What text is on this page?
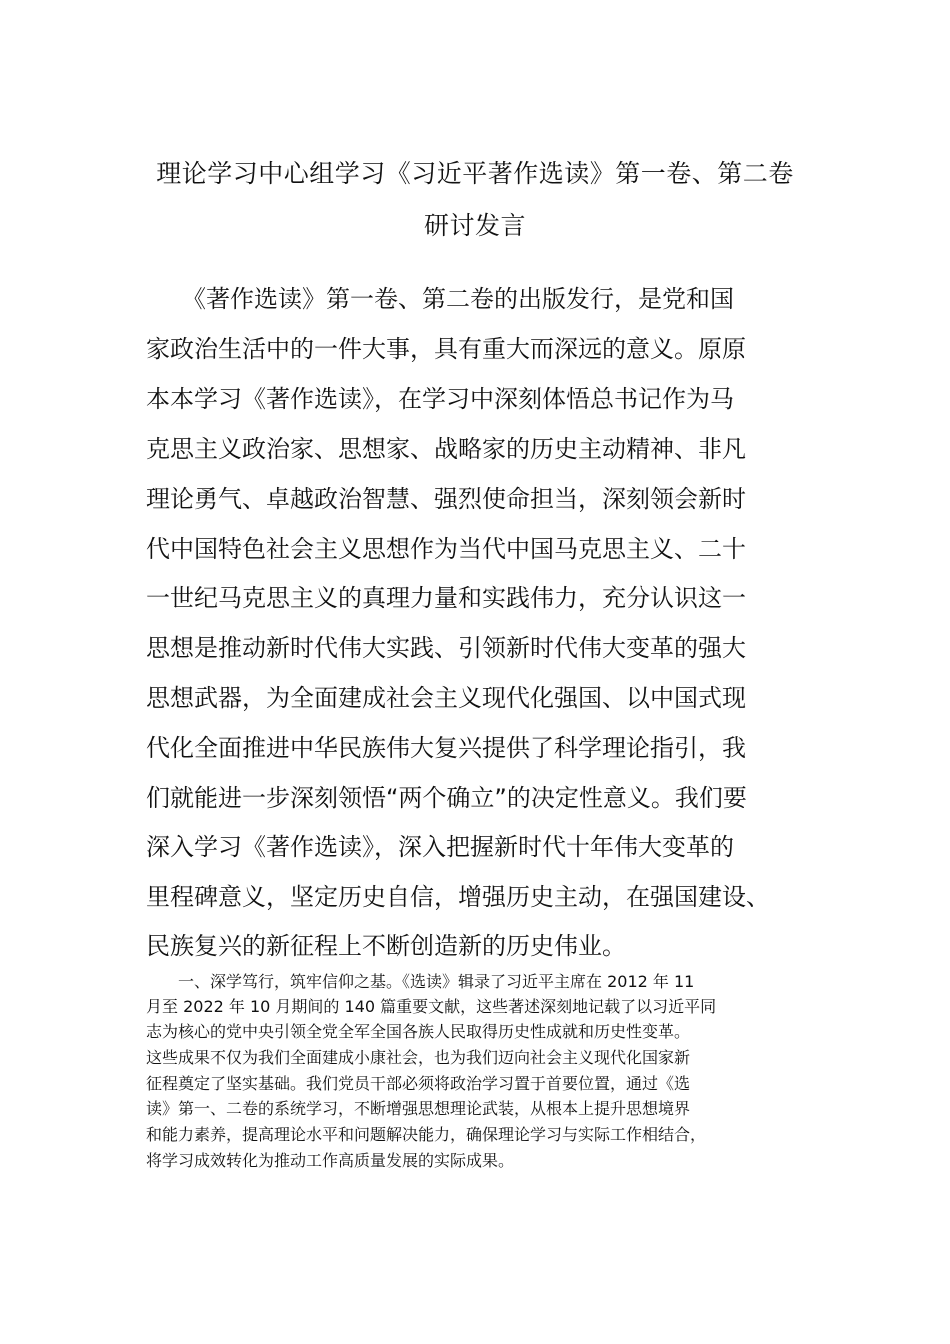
理论学习中心组学习《习近平著作选读》第一卷、第二卷
研讨发言
　　《著作选读》第一卷、第二卷的出版发行，是党和国
家政治生活中的一件大事，具有重大而深远的意义。原原
本本学习《著作选读》，在学习中深刻体悟总书记作为马
克思主义政治家、思想家、战略家的历史主动精神、非凡
理论勇气、卓越政治智慧、强烈使命担当，深刻领会新时
代中国特色社会主义思想作为当代中国马克思主义、二十
一世纪马克思主义的真理力量和实践伟力，充分认识这一
思想是推动新时代伟大实践、引领新时代伟大变革的强大
思想武器，为全面建成社会主义现代化强国、以中国式现
代化全面推进中华民族伟大复兴提供了科学理论指引，我
们就能进一步深刻领悟“两个确立”的决定性意义。我们要
深入学习《著作选读》，深入把握新时代十年伟大变革的
里程碑意义，坚定历史自信，增强历史主动，在强国建设、
民族复兴的新征程上不断创造新的历史伟业。
　　一、深学笃行，筑牢信仰之基。《选读》辑录了习近平主席在 2012 年 11
月至 2022 年 10 月期间的 140 篇重要文献，这些著述深刻地记载了以习近平同
志为核心的党中央引领全党全军全国各族人民取得历史性成就和历史性变革。
这些成果不仅为我们全面建成小康社会，也为我们迈向社会主义现代化国家新
征程奠定了坚实基础。我们党员干部必须将政治学习置于首要位置，通过《选
读》第一、二卷的系统学习，不断增强思想理论武装，从根本上提升思想境界
和能力素养，提高理论水平和问题解决能力，确保理论学习与实际工作相结合，
将学习成效转化为推动工作高质量发展的实际成果。
